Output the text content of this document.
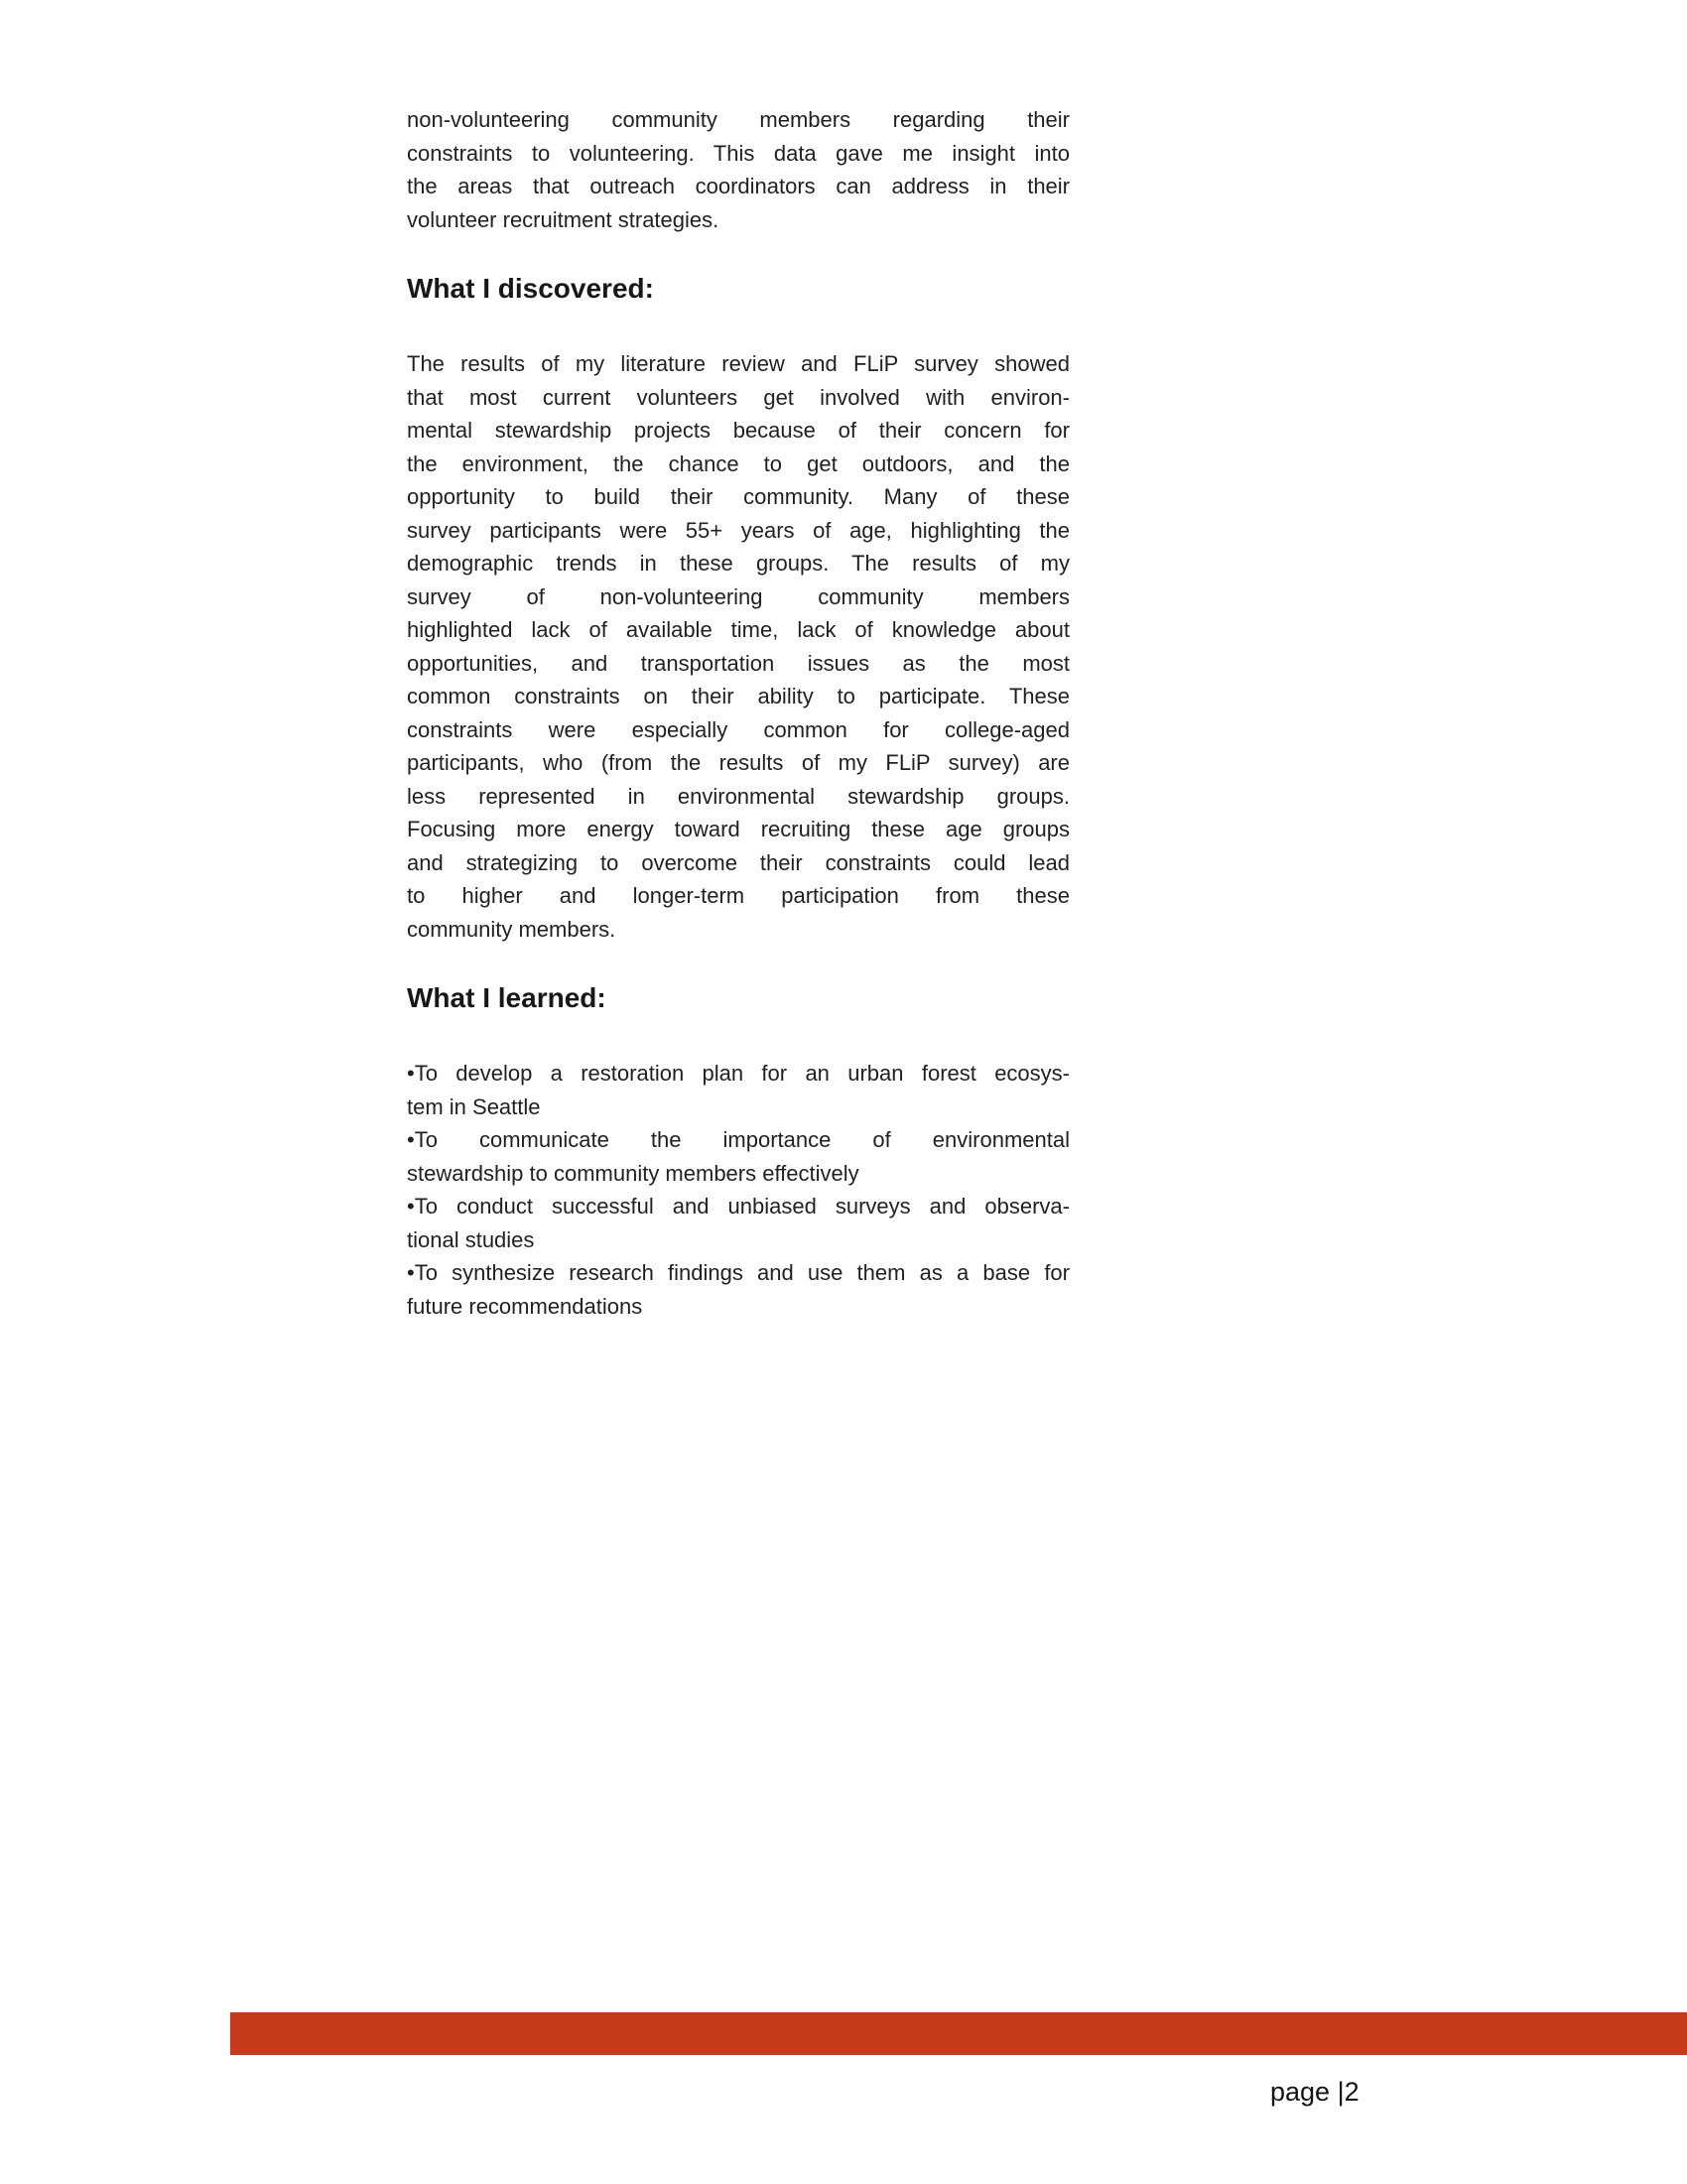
non-volunteering community members regarding their
constraints to volunteering. This data gave me insight into
the areas that outreach coordinators can address in their
volunteer recruitment strategies.

What I discovered:

The results of my literature review and FLiP survey showed
that most current volunteers get involved with environ-
mental stewardship projects because of their concern for
the environment, the chance to get outdoors, and the
opportunity to build their community. Many of these
survey participants were 55+ years of age, highlighting the
demographic trends in these groups. The results of my
survey of non-volunteering community members
highlighted lack of available time, lack of knowledge about
opportunities, and transportation issues as the most
common constraints on their ability to participate. These
constraints were especially common for college-aged
participants, who (from the results of my FLiP survey) are
less represented in environmental stewardship groups.
Focusing more energy toward recruiting these age groups
and strategizing to overcome their constraints could lead
to higher and longer-term participation from these
community members.

What I learned:

•To develop a restoration plan for an urban forest ecosys-
tem in Seattle
•To communicate the importance of environmental
stewardship to community members effectively
•To conduct successful and unbiased surveys and observa-
tional studies
•To synthesize research findings and use them as a base for
future recommendations

page |2
